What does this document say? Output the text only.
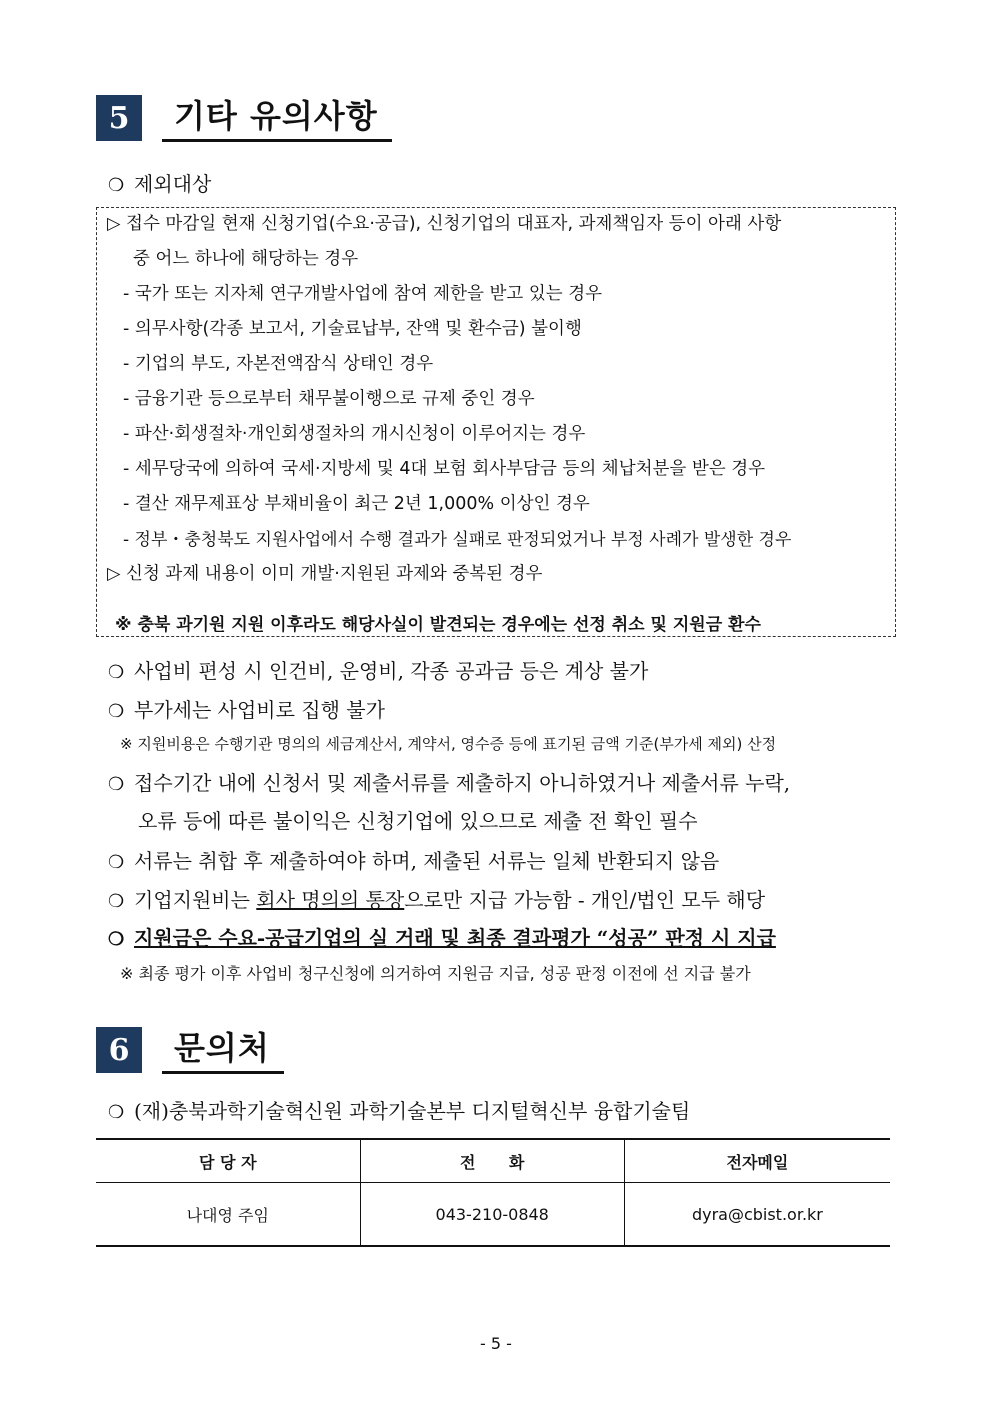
5	기타 유의사항
❍ 제외대상
▷ 접수 마감일 현재 신청기업(수요·공급), 신청기업의 대표자, 과제책임자 등이 아래 사항
중 어느 하나에 해당하는 경우
- 국가 또는 지자체 연구개발사업에 참여 제한을 받고 있는 경우
- 의무사항(각종 보고서, 기술료납부, 잔액 및 환수금) 불이행
- 기업의 부도, 자본전액잠식 상태인 경우
- 금융기관 등으로부터 채무불이행으로 규제 중인 경우
- 파산·회생절차·개인회생절차의 개시신청이 이루어지는 경우
- 세무당국에 의하여 국세·지방세 및 4대 보험 회사부담금 등의 체납처분을 받은 경우
- 결산 재무제표상 부채비율이 최근 2년 1,000% 이상인 경우
- 정부・충청북도 지원사업에서 수행 결과가 실패로 판정되었거나 부정 사례가 발생한 경우
▷ 신청 과제 내용이 이미 개발·지원된 과제와 중복된 경우
※ 충북 과기원 지원 이후라도 해당사실이 발견되는 경우에는 선정 취소 및 지원금 환수
❍ 사업비 편성 시 인건비, 운영비, 각종 공과금 등은 계상 불가
❍ 부가세는 사업비로 집행 불가
※ 지원비용은 수행기관 명의의 세금계산서, 계약서, 영수증 등에 표기된 금액 기준(부가세 제외) 산정
❍ 접수기간 내에 신청서 및 제출서류를 제출하지 아니하였거나 제출서류 누락,
오류 등에 따른 불이익은 신청기업에 있으므로 제출 전 확인 필수
❍ 서류는 취합 후 제출하여야 하며, 제출된 서류는 일체 반환되지 않음
❍ 기업지원비는 회사 명의의 통장으로만 지급 가능함 - 개인/법인 모두 해당
❍ 지원금은 수요-공급기업의 실 거래 및 최종 결과평가 “성공” 판정 시 지급
※ 최종 평가 이후 사업비 청구신청에 의거하여 지원금 지급, 성공 판정 이전에 선 지급 불가
6	문의처
❍ (재)충북과학기술혁신원 과학기술본부 디지털혁신부 융합기술팀
담 당 자	전      화	전자메일
나대영 주임	043-210-0848	dyra@cbist.or.kr
- 5 -
